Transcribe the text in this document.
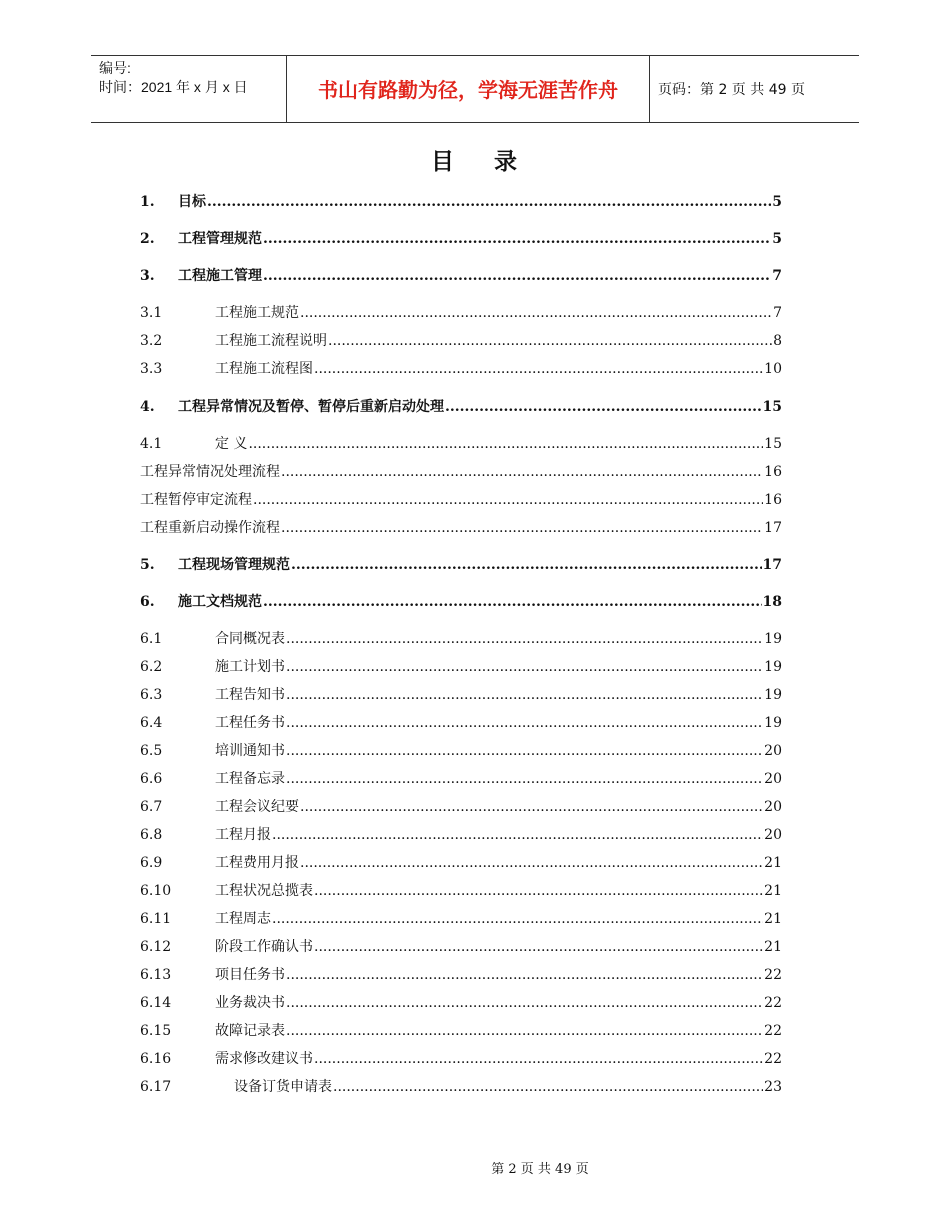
编号:
时间：2021 年 x 月 x 日	书山有路勤为径，学海无涯苦作舟	页码：第 2 页 共 49 页
目 录
1.	目标 .....	5
2.	工程管理规范 .....	5
3.	工程施工管理 .....	7
3.1	工程施工规范 .....	7
3.2	工程施工流程说明 .....	8
3.3	工程施工流程图 .....	10
4.	工程异常情况及暂停、暂停后重新启动处理 .....	15
4.1	定 义 .....	15
工程异常情况处理流程 .....	16
工程暂停审定流程 .....	16
工程重新启动操作流程 .....	17
5.	工程现场管理规范 .....	17
6.	施工文档规范 .....	18
6.1	合同概况表 .....	19
6.2	施工计划书 .....	19
6.3	工程告知书 .....	19
6.4	工程任务书 .....	19
6.5	培训通知书 .....	20
6.6	工程备忘录 .....	20
6.7	工程会议纪要 .....	20
6.8	工程月报 .....	20
6.9	工程费用月报 .....	21
6.10	工程状况总揽表 .....	21
6.11	工程周志 .....	21
6.12	阶段工作确认书 .....	21
6.13	项目任务书 .....	22
6.14	业务裁决书 .....	22
6.15	故障记录表 .....	22
6.16	需求修改建议书 .....	22
6.17	设备订货申请表 .....	23
第 2 页 共 49 页
